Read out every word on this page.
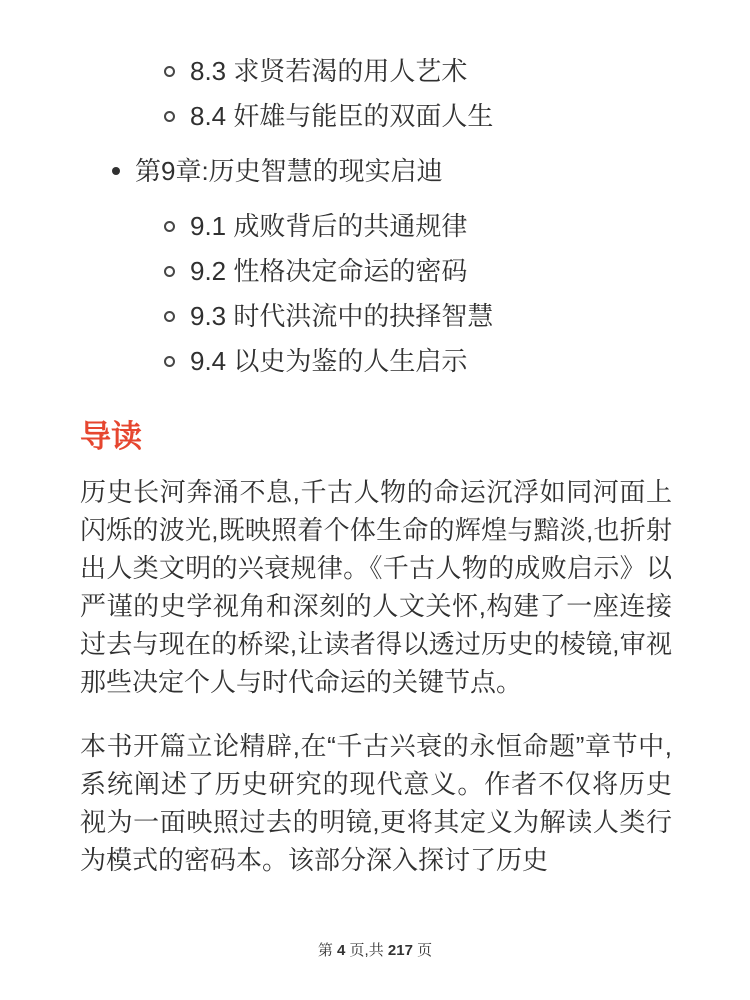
8.3 求贤若渴的用人艺术
8.4 奸雄与能臣的双面人生
第9章:历史智慧的现实启迪
9.1 成败背后的共通规律
9.2 性格决定命运的密码
9.3 时代洪流中的抉择智慧
9.4 以史为鉴的人生启示
导读

历史长河奔涌不息,千古人物的命运沉浮如同河面上闪烁的波光,既映照着个体生命的辉煌与黯淡,也折射出人类文明的兴衰规律。《千古人物的成败启示》以严谨的史学视角和深刻的人文关怀,构建了一座连接过去与现在的桥梁,让读者得以透过历史的棱镜,审视那些决定个人与时代命运的关键节点。

本书开篇立论精辟,在“千古兴衰的永恒命题”章节中,系统阐述了历史研究的现代意义。作者不仅将历史视为一面映照过去的明镜,更将其定义为解读人类行为模式的密码本。该部分深入探讨了历史

第 4 页,共 217 页
